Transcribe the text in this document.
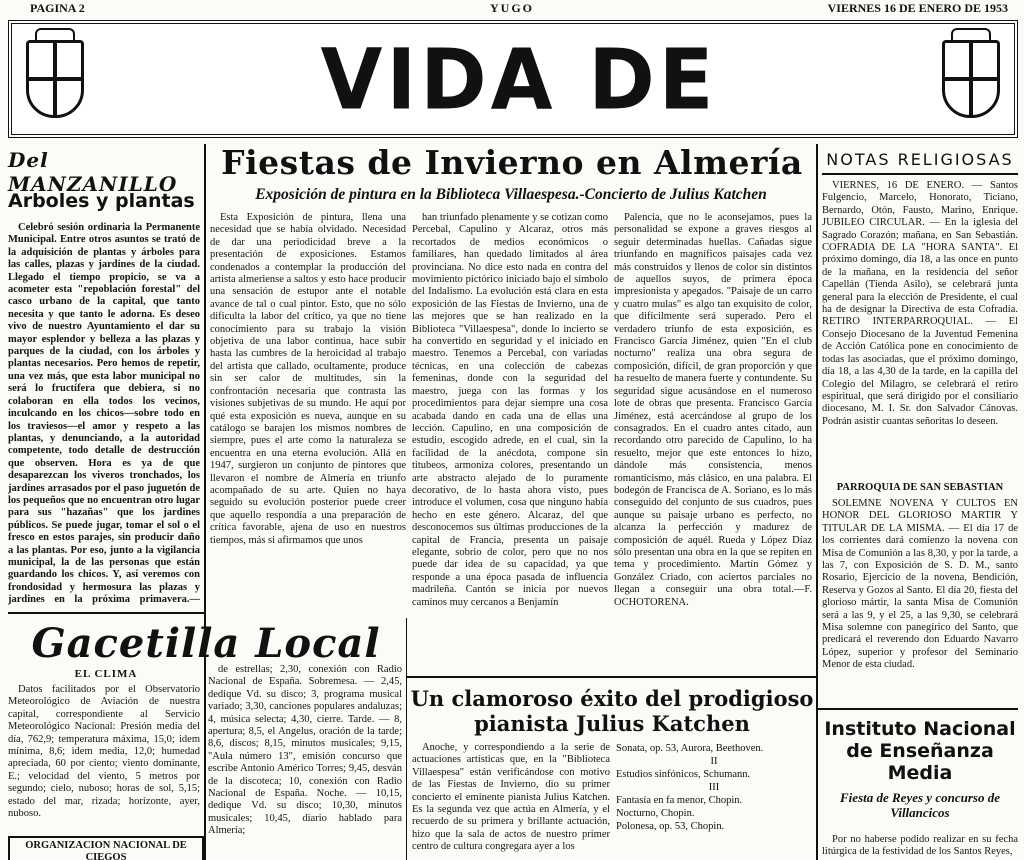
PAGINA 2	YUGO	VIERNES 16 DE ENERO DE 1953
VIDA DE
Del MANZANILLO
Arboles y plantas

Celebró sesión ordinaria la Permanente Municipal. Entre otros asuntos se trató de la adquisición de plantas y árboles para las calles, plazas y jardines de la ciudad. Llegado el tiempo propicio, se va a acometer esta "repoblación forestal" del casco urbano de la capital, que tanto necesita y que tanto le adorna. Es deseo vivo de nuestro Ayuntamiento el dar su mayor esplendor y belleza a las plazas y parques de la ciudad, con los árboles y plantas necesarios. Pero hemos de repetir, una vez más, que esta labor municipal no será lo fructífera que debiera, si no colaboran en ella todos los vecinos, inculcando en los chicos—sobre todo en los traviesos—el amor y respeto a las plantas, y denunciando, a la autoridad competente, todo detalle de destrucción que observen. Hora es ya de que desaparezcan los viveros tronchados, los jardines arrasados por el paso juguetón de los pequeños que no encuentran otro lugar para sus "hazañas" que los jardines públicos. Se puede jugar, tomar el sol o el fresco en estos parajes, sin producir daño a las plantas. Por eso, junto a la vigilancia municipal, la de las personas que están guardando los chicos. Y, así veremos con frondosidad y hermosura las plazas y jardines en la próxima primavera.—

Fiestas de Invierno en Almería
Exposición de pintura en la Biblioteca Villaespesa.-Concierto de Julius Katchen

Esta Exposición de pintura, llena una necesidad que se había olvidado. Necesidad de dar una periodicidad breve a la presentación de exposiciones. Estamos condenados a contemplar la producción del artista almeriense a saltos y esto hace producir una sensación de estupor ante el notable avance de tal o cual pintor. Esto, que no sólo dificulta la labor del crítico, ya que no tiene conocimiento para su trabajo la visión objetiva de una labor continua, hace subir hasta las cumbres de la heroicidad al trabajo del artista que callado, ocultamente, produce sin ser calor de multitudes, sin la confrontación necesaria que contrasta las visiones subjetivas de su mundo. He aquí por qué esta exposición es nueva, aunque en su catálogo se barajen los mismos nombres de siempre, pues el arte como la naturaleza se encuentra en una eterna evolución. Allá en 1947, surgieron un conjunto de pintores que llevaron el nombre de Almería en triunfo acompañado de su arte. Quien no haya seguido su evolución posterior puede creer que aquello respondía a una preparación de crítica favorable, ajena de uso en nuestros tiempos, más si afirmamos que unos

han triunfado plenamente y se cotizan como Percebal, Capulino y Alcaraz, otros más recortados de medios económicos o familiares, han quedado limitados al área provinciana. No dice esto nada en contra del movimiento pictórico iniciado bajo el símbolo del Indalismo. La evolución está clara en esta exposición de las Fiestas de Invierno, una de las mejores que se han realizado en la Biblioteca "Villaespesa", donde lo incierto se ha convertido en seguridad y el iniciado en maestro. Tenemos a Percebal, con variadas técnicas, en una colección de cabezas femeninas, donde con la seguridad del maestro, juega con las formas y los procedimientos para dejar siempre una cosa acabada dando en cada una de ellas una lección. Capulino, en una composición de estudio, escogido adrede, en el cual, sin la facilidad de la anécdota, compone sin titubeos, armoniza colores, presentando un arte abstracto alejado de lo puramente decorativo, de lo hasta ahora visto, pues introduce el volumen, cosa que ninguno había hecho en este género. Alcaraz, del que desconocemos sus últimas producciones de la capital de Francia, presenta un paisaje elegante, sobrio de color, pero que no nos puede dar idea de su capacidad, ya que responde a una época pasada de influencia madrileña. Cantón se inicia por nuevos caminos muy cercanos a Benjamín

Palencia, que no le aconsejamos, pues la personalidad se expone a graves riesgos al seguir determinadas huellas. Cañadas sigue triunfando en magníficos paisajes cada vez más construidos y llenos de color sin distintos de aquellos suyos, de primera época impresionista y apegados. "Paisaje de un carro y cuatro mulas" es algo tan exquisito de color, que difícilmente será superado. Pero el verdadero triunfo de esta exposición, es Francisco García Jiménez, quien "En el club nocturno" realiza una obra segura de composición, difícil, de gran proporción y que ha resuelto de manera fuerte y contundente. Su seguridad sigue acusándose en el numeroso lote de obras que presenta. Francisco García Jiménez, está acercándose al grupo de los consagrados. En el cuadro antes citado, aun recordando otro parecido de Capulino, lo ha resuelto, mejor que este entonces lo hizo, dándole más consistencia, menos romanticismo, más clásico, en una palabra. El bodegón de Francisca de A. Soriano, es lo más conseguido del conjunto de sus cuadros, pues aunque su paisaje urbano es perfecto, no alcanza la perfección y madurez de composición de aquél. Rueda y López Díaz sólo presentan una obra en la que se repiten en tema y procedimiento. Martín Gómez y González Criado, con aciertos parciales no llegan a conseguir una obra total.—F. OCHOTORENA.

NOTAS RELIGIOSAS

VIERNES, 16 DE ENERO. — Santos Fulgencio, Marcelo, Honorato, Ticiano, Bernardo, Otón, Fausto, Marino, Enrique. JUBILEO CIRCULAR. — En la iglesia del Sagrado Corazón; mañana, en San Sebastián. COFRADIA DE LA "HORA SANTA". El próximo domingo, día 18, a las once en punto de la mañana, en la residencia del señor Capellán (Tienda Asilo), se celebrará junta general para la elección de Presidente, el cual ha de designar la Directiva de esta Cofradía. RETIRO INTERPARROQUIAL. — El Consejo Diocesano de la Juventud Femenina de Acción Católica pone en conocimiento de todas las asociadas, que el próximo domingo, día 18, a las 4,30 de la tarde, en la capilla del Colegio del Milagro, se celebrará el retiro espiritual, que será dirigido por el consiliario diocesano, M. I. Sr. don Salvador Cánovas. Podrán asistir cuantas señoritas lo deseen.

PARROQUIA DE SAN SEBASTIAN

SOLEMNE NOVENA Y CULTOS EN HONOR DEL GLORIOSO MARTIR Y TITULAR DE LA MISMA. — El día 17 de los corrientes dará comienzo la novena con Misa de Comunión a las 8,30, y por la tarde, a las 7, con Exposición de S. D. M., santo Rosario, Ejercicio de la novena, Bendición, Reserva y Gozos al Santo. El día 20, fiesta del glorioso mártir, la santa Misa de Comunión será a las 9, y el 25, a las 9,30, se celebrará Misa solemne con panegírico del Santo, que predicará el reverendo don Eduardo Navarro López, superior y profesor del Seminario Menor de esta ciudad.

Gacetilla Local
EL CLIMA

Datos facilitados por el Observatorio Meteorológico de Aviación de nuestra capital, correspondiente al Servicio Meteorológico Nacional: Presión media del día, 762,9; temperatura máxima, 15,0; idem mínima, 8,6; idem media, 12,0; humedad apreciada, 60 por ciento; viento dominante, E.; velocidad del viento, 5 metros por segundo; cielo, nuboso; horas de sol, 5,15; estado del mar, rizada; horizonte, ayer, nuboso.

ORGANIZACION NACIONAL DE CIEGOS

de estrellas; 2,30, conexión con Radio Nacional de España. Sobremesa. — 2,45, dedique Vd. su disco; 3, programa musical variado; 3,30, canciones populares andaluzas; 4, música selecta; 4,30, cierre. Tarde. — 8, apertura; 8,5, el Angelus, oración de la tarde; 8,6, discos; 8,15, minutos musicales; 9,15, "Aula número 13", emisión concurso que escribe Antonio Américo Torres; 9,45, desván de la discoteca; 10, conexión con Radio Nacional de España. Noche. — 10,15, dedique Vd. su disco; 10,30, minutos musicales; 10,45, diario hablado para Almería;

Un clamoroso éxito del prodigioso pianista Julius Katchen

Anoche, y correspondiendo a la serie de actuaciones artísticas que, en la "Biblioteca Villaespesa" están verificándose con motivo de las Fiestas de Invierno, dio su primer concierto el eminente pianista Julius Katchen. Es la segunda vez que actúa en Almería, y el recuerdo de su primera y brillante actuación, hizo que la sala de actos de nuestro primer centro de cultura congregara ayer a los

Sonata, op. 53, Aurora, Beethoven.
II
Estudios sinfónicos, Schumann.
III
Fantasía en fa menor, Chopin.
Nocturno, Chopin.
Polonesa, op. 53, Chopin.
Instituto Nacional de Enseñanza Media
Fiesta de Reyes y concurso de Villancicos

Por no haberse podido realizar en su fecha litúrgica de la festividad de los Santos Reyes,
